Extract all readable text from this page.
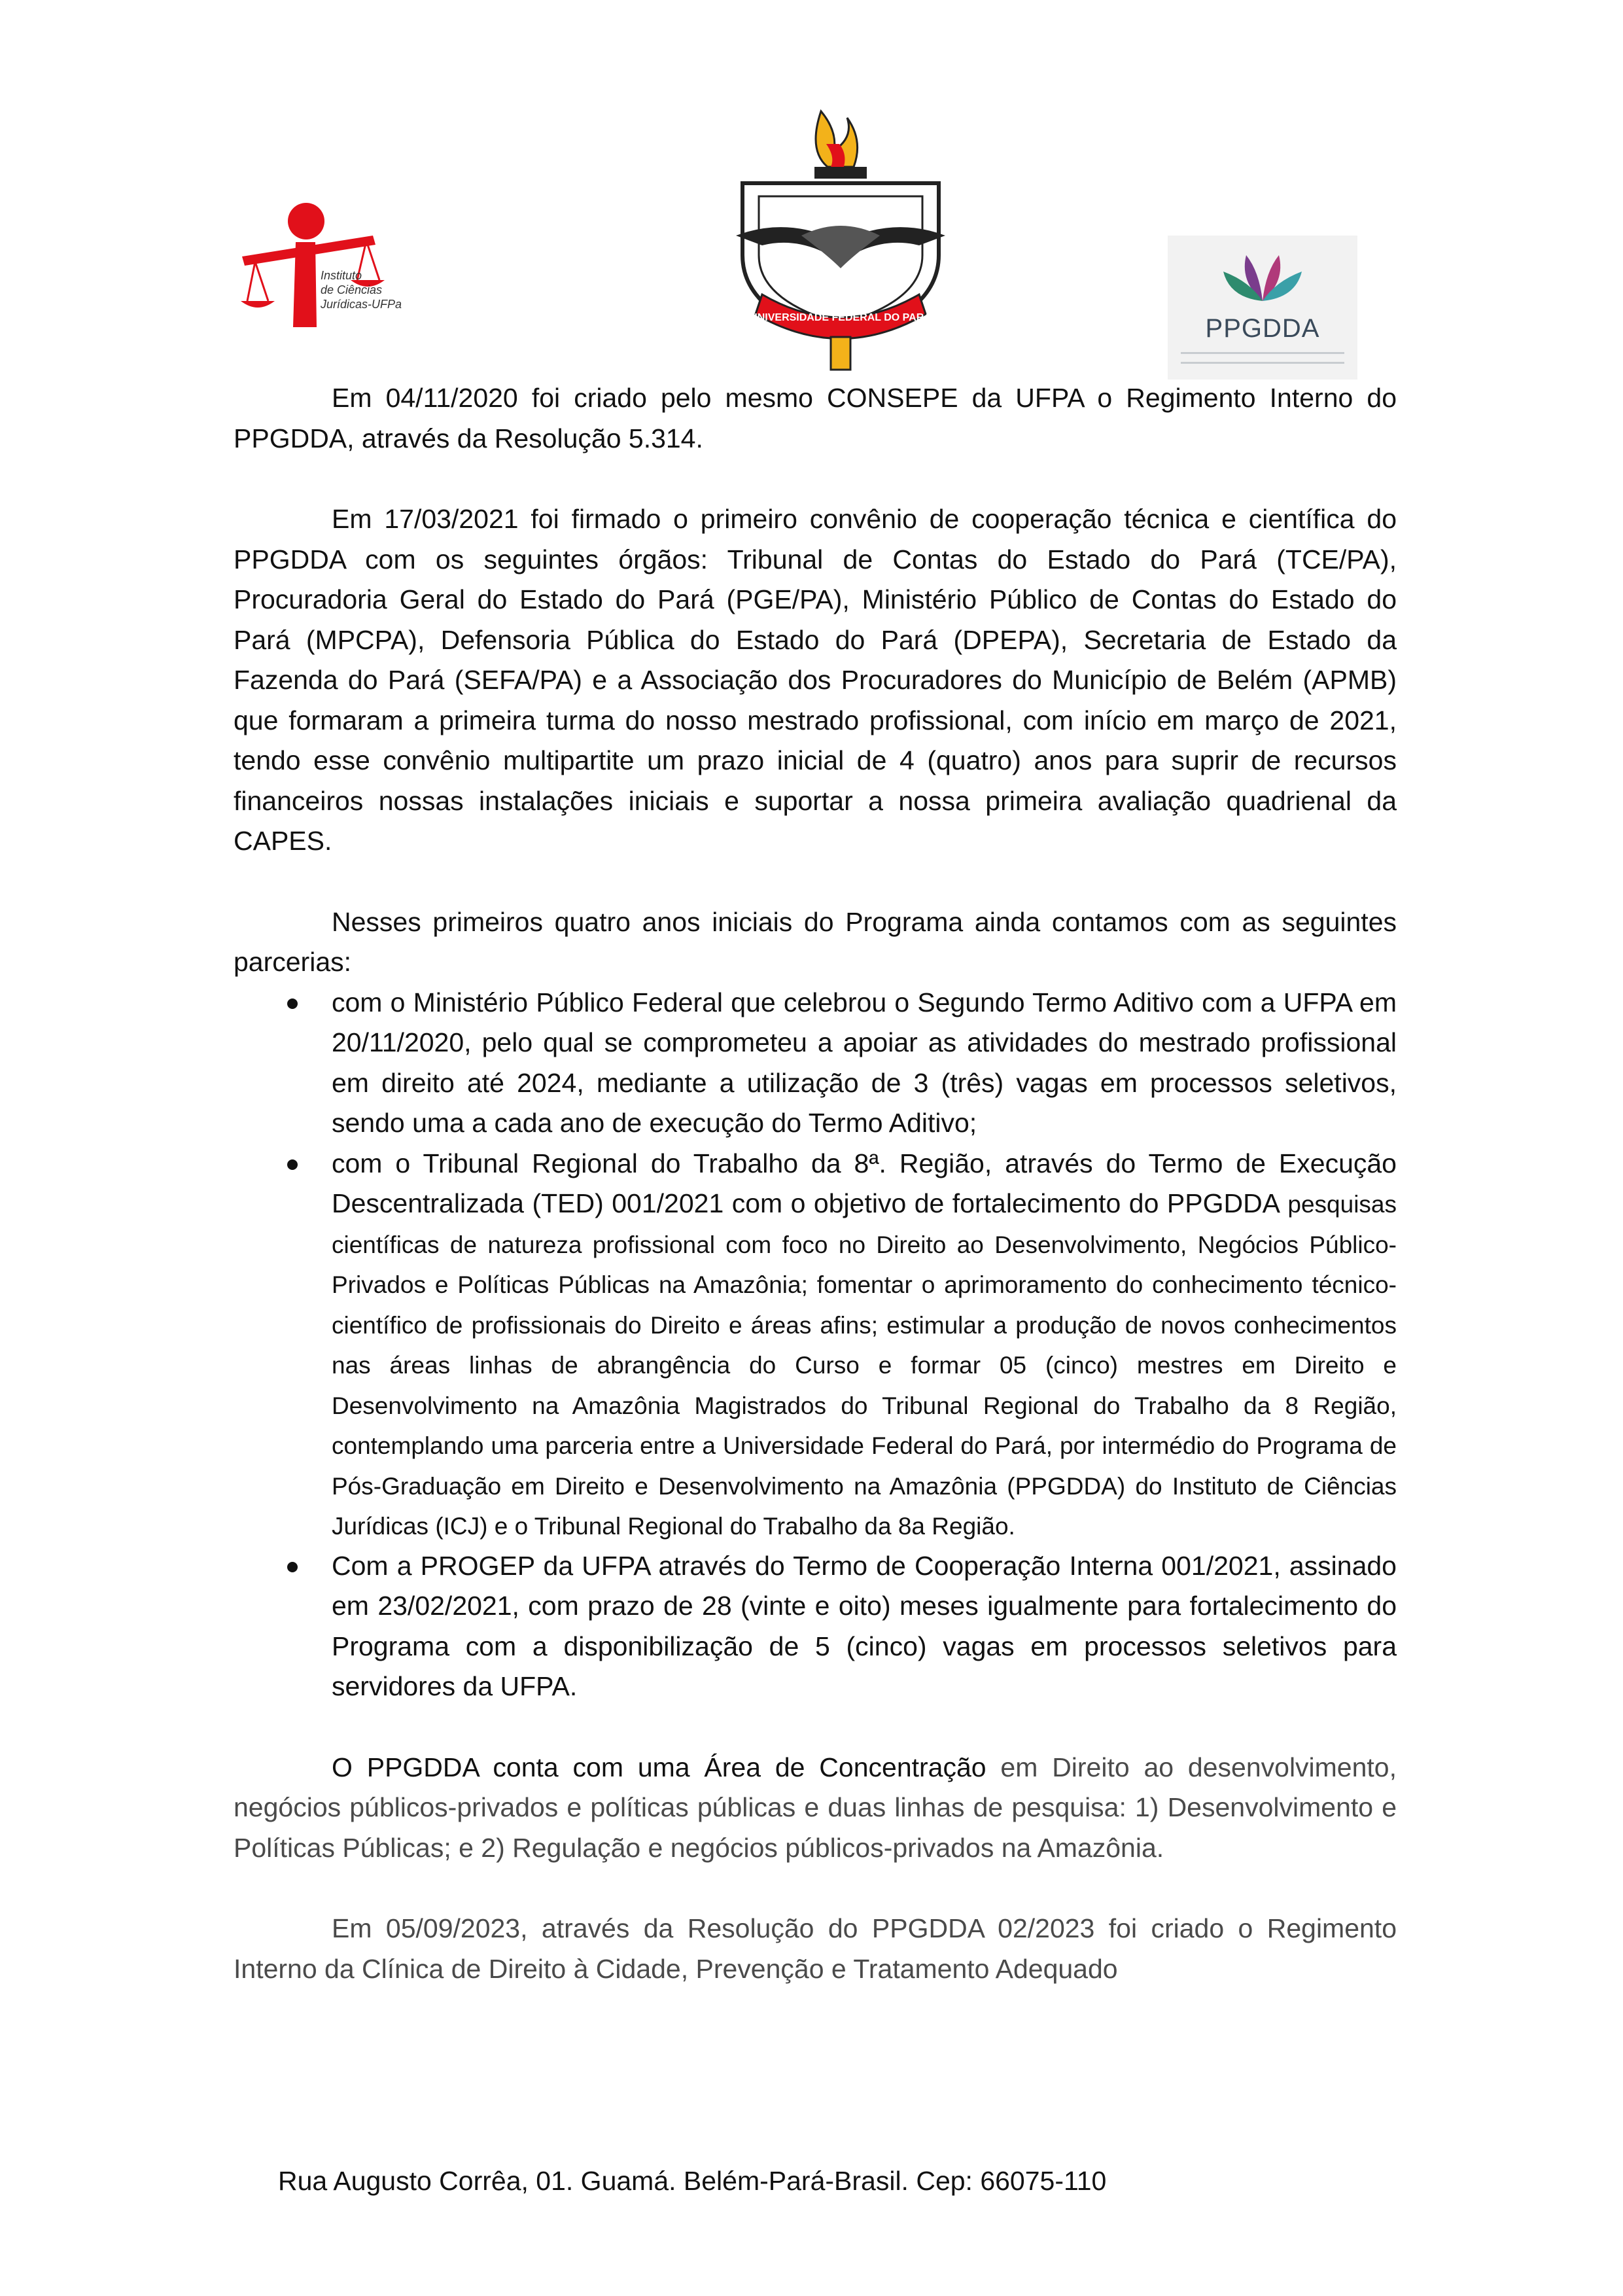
Instituto
de Ciências
Jurídicas-UFPa
UNIVERSIDADE FEDERAL DO PARÁ	PPGDDA

Em 04/11/2020 foi criado pelo mesmo CONSEPE da UFPA o Regimento Interno do PPGDDA, através da Resolução 5.314.

Em 17/03/2021 foi firmado o primeiro convênio de cooperação técnica e científica do PPGDDA com os seguintes órgãos: Tribunal de Contas do Estado do Pará (TCE/PA), Procuradoria Geral do Estado do Pará (PGE/PA), Ministério Público de Contas do Estado do Pará (MPCPA), Defensoria Pública do Estado do Pará (DPEPA), Secretaria de Estado da Fazenda do Pará (SEFA/PA) e a Associação dos Procuradores do Município de Belém (APMB) que formaram a primeira turma do nosso mestrado profissional, com início em março de 2021, tendo esse convênio multipartite um prazo inicial de 4 (quatro) anos para suprir de recursos financeiros nossas instalações iniciais e suportar a nossa primeira avaliação quadrienal da CAPES.

Nesses primeiros quatro anos iniciais do Programa ainda contamos com as seguintes parcerias:

com o Ministério Público Federal que celebrou o Segundo Termo Aditivo com a UFPA em 20/11/2020, pelo qual se comprometeu a apoiar as atividades do mestrado profissional em direito até 2024, mediante a utilização de 3 (três) vagas em processos seletivos, sendo uma a cada ano de execução do Termo Aditivo;
com o Tribunal Regional do Trabalho da 8ª. Região, através do Termo de Execução Descentralizada (TED) 001/2021 com o objetivo de fortalecimento do PPGDDA pesquisas científicas de natureza profissional com foco no Direito ao Desenvolvimento, Negócios Público- Privados e Políticas Públicas na Amazônia; fomentar o aprimoramento do conhecimento técnico-científico de profissionais do Direito e áreas afins; estimular a produção de novos conhecimentos nas áreas linhas de abrangência do Curso e formar 05 (cinco) mestres em Direito e Desenvolvimento na Amazônia Magistrados do Tribunal Regional do Trabalho da 8 Região, contemplando uma parceria entre a Universidade Federal do Pará, por intermédio do Programa de Pós-Graduação em Direito e Desenvolvimento na Amazônia (PPGDDA) do Instituto de Ciências Jurídicas (ICJ) e o Tribunal Regional do Trabalho da 8a Região.
Com a PROGEP da UFPA através do Termo de Cooperação Interna 001/2021, assinado em 23/02/2021, com prazo de 28 (vinte e oito) meses igualmente para fortalecimento do Programa com a disponibilização de 5 (cinco) vagas em processos seletivos para servidores da UFPA.

O PPGDDA conta com uma Área de Concentração em Direito ao desenvolvimento, negócios públicos-privados e políticas públicas e duas linhas de pesquisa: 1) Desenvolvimento e Políticas Públicas; e 2) Regulação e negócios públicos-privados na Amazônia.

Em 05/09/2023, através da Resolução do PPGDDA 02/2023 foi criado o Regimento Interno da Clínica de Direito à Cidade, Prevenção e Tratamento Adequado

Rua Augusto Corrêa, 01. Guamá. Belém-Pará-Brasil. Cep: 66075-110
